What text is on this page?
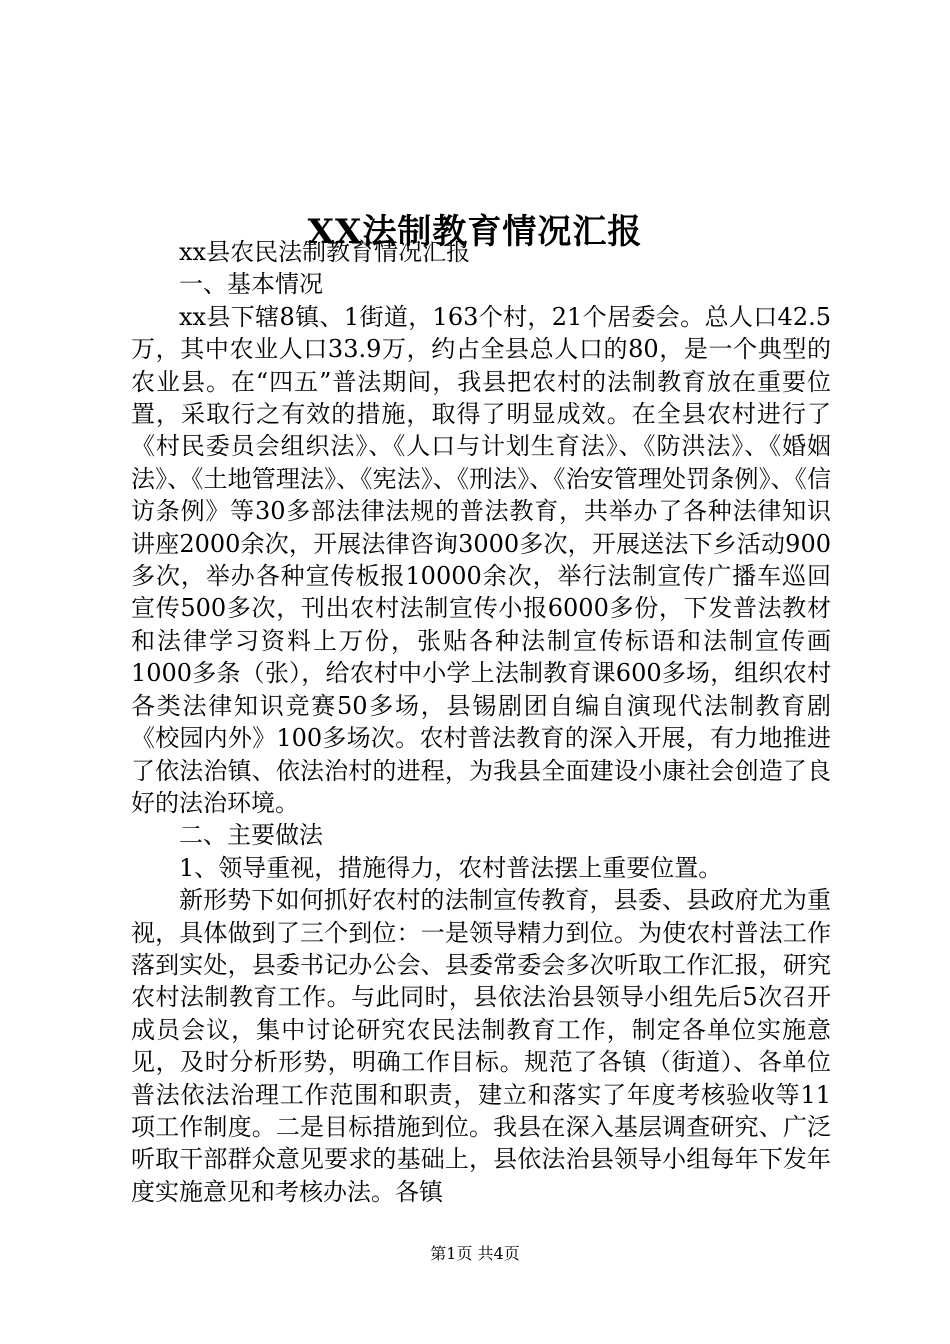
XX法制教育情况汇报

xx县农民法制教育情况汇报

一、基本情况

xx县下辖8镇、1街道，163个村，21个居委会。总人口42.5万，其中农业人口33.9万，约占全县总人口的80，是一个典型的农业县。在“四五”普法期间，我县把农村的法制教育放在重要位置，采取行之有效的措施，取得了明显成效。在全县农村进行了《村民委员会组织法》、《人口与计划生育法》、《防洪法》、《婚姻法》、《土地管理法》、《宪法》、《刑法》、《治安管理处罚条例》、《信访条例》等30多部法律法规的普法教育，共举办了各种法律知识讲座2000余次，开展法律咨询3000多次，开展送法下乡活动900多次，举办各种宣传板报10000余次，举行法制宣传广播车巡回宣传500多次，刊出农村法制宣传小报6000多份，下发普法教材和法律学习资料上万份，张贴各种法制宣传标语和法制宣传画1000多条（张），给农村中小学上法制教育课600多场，组织农村各类法律知识竞赛50多场，县锡剧团自编自演现代法制教育剧《校园内外》100多场次。农村普法教育的深入开展，有力地推进了依法治镇、依法治村的进程，为我县全面建设小康社会创造了良好的法治环境。

二、主要做法

1、领导重视，措施得力，农村普法摆上重要位置。

新形势下如何抓好农村的法制宣传教育，县委、县政府尤为重视，具体做到了三个到位：一是领导精力到位。为使农村普法工作落到实处，县委书记办公会、县委常委会多次听取工作汇报，研究农村法制教育工作。与此同时，县依法治县领导小组先后5次召开成员会议，集中讨论研究农民法制教育工作，制定各单位实施意见，及时分析形势，明确工作目标。规范了各镇（街道）、各单位普法依法治理工作范围和职责，建立和落实了年度考核验收等11项工作制度。二是目标措施到位。我县在深入基层调查研究、广泛听取干部群众意见要求的基础上，县依法治县领导小组每年下发年度实施意见和考核办法。各镇

第1页 共4页
